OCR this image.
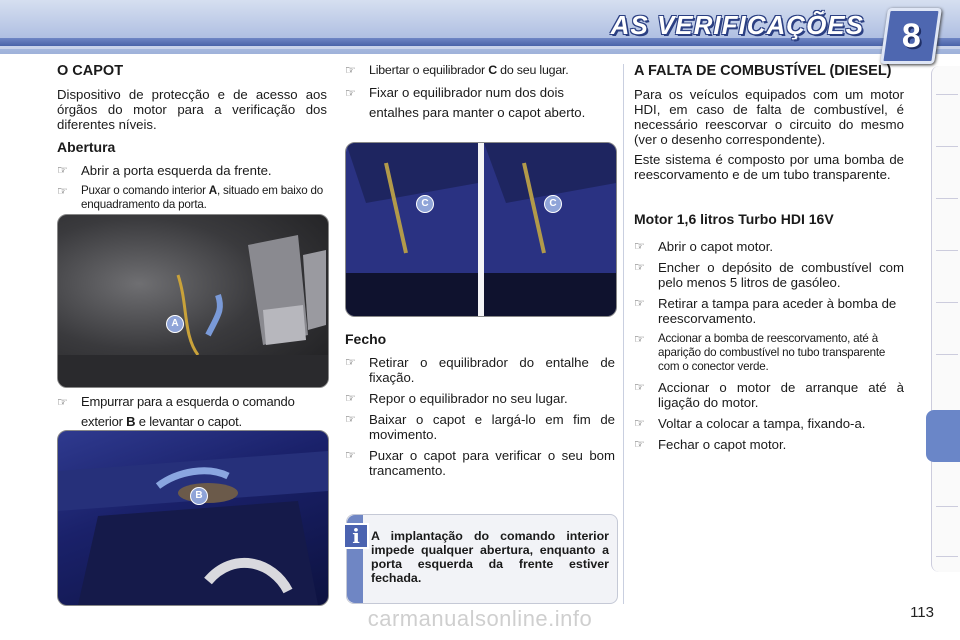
AS VERIFICAÇÕES 8
O CAPOT

Dispositivo de protecção e de acesso aos órgãos do motor para a verificação dos diferentes níveis.

Abertura
☞ Abrir a porta esquerda da frente.
☞ Puxar o comando interior A, situado em baixo do enquadramento da porta.
A
☞ Empurrar para a esquerda o comando exterior B e levantar o capot.
B
☞ Libertar o equilibrador C do seu lugar.
☞ Fixar o equilibrador num dos dois entalhes para manter o capot aberto.
C	C
Fecho
☞ Retirar o equilibrador do entalhe de fixação.
☞ Repor o equilibrador no seu lugar.
☞ Baixar o capot e largá-lo em fim de movimento.
☞ Puxar o capot para verificar o seu bom trancamento.
i A implantação do comando interior impede qualquer abertura, enquanto a porta esquerda da frente estiver fechada.
A FALTA DE COMBUSTÍVEL (DIESEL)

Para os veículos equipados com um motor HDI, em caso de falta de combustível, é necessário reescorvar o circuito do mesmo (ver o desenho correspondente).

Este sistema é composto por uma bomba de reescorvamento e de um tubo transparente.

Motor 1,6 litros Turbo HDI 16V
☞ Abrir o capot motor.
☞ Encher o depósito de combustível com pelo menos 5 litros de gasóleo.
☞ Retirar a tampa para aceder à bomba de reescorvamento.
☞ Accionar a bomba de reescorvamento, até à aparição do combustível no tubo transparente com o conector verde.
☞ Accionar o motor de arranque até à ligação do motor.
☞ Voltar a colocar a tampa, fixando-a.
☞ Fechar o capot motor.
113
carmanualsonline.info
